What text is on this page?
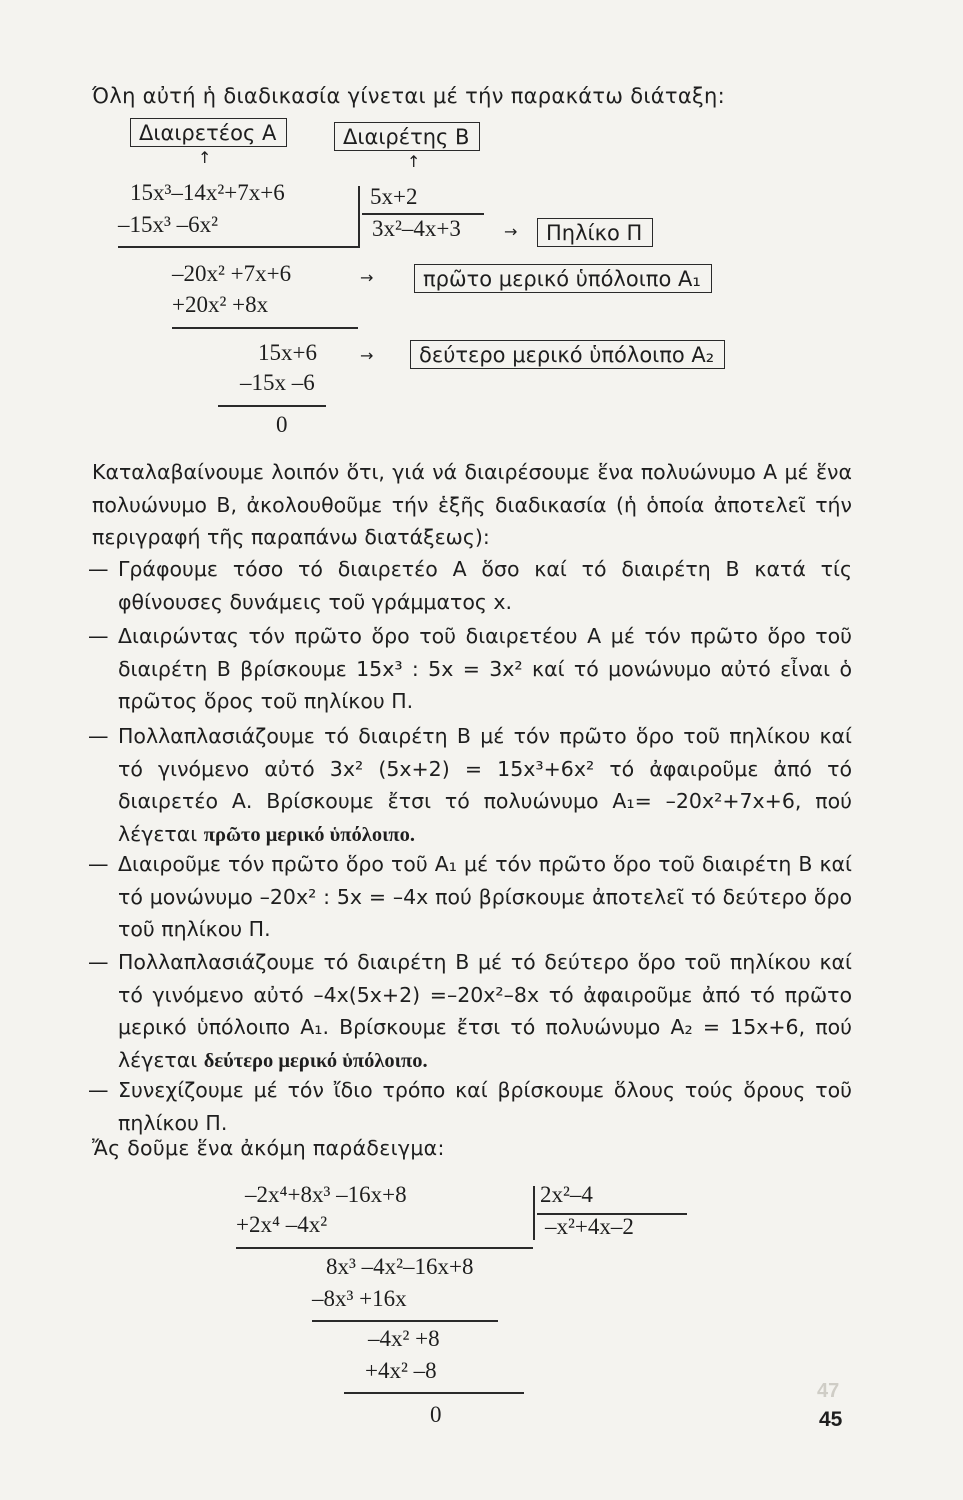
Όλη αὐτή ἡ διαδικασία γίνεται μέ τήν παρακάτω διάταξη:
Διαιρετέος Α	Διαιρέτης Β
↑	↑
15x³–14x²+7x+6	5x+2
–15x³ –6x²	3x²–4x+3	→	Πηλίκο Π
–20x² +7x+6	→	πρῶτο μερικό ὑπόλοιπο Α₁
+20x² +8x
15x+6	→	δεύτερο μερικό ὑπόλοιπο Α₂
–15x –6
0
Καταλαβαίνουμε λοιπόν ὅτι, γιά νά διαιρέσουμε ἕνα πολυώνυμο Α μέ ἕνα πολυώνυμο Β, ἀκολουθοῦμε τήν ἑξῆς διαδικασία (ἡ ὁποία ἀποτελεῖ τήν περιγραφή τῆς παραπάνω διατάξεως):
— Γράφουμε τόσο τό διαιρετέο Α ὅσο καί τό διαιρέτη Β κατά τίς φθίνουσες δυνάμεις τοῦ γράμματος x.
— Διαιρώντας τόν πρῶτο ὅρο τοῦ διαιρετέου Α μέ τόν πρῶτο ὅρο τοῦ διαιρέτη Β βρίσκουμε 15x³ : 5x = 3x² καί τό μονώνυμο αὐτό εἶναι ὁ πρῶτος ὅρος τοῦ πηλίκου Π.
— Πολλαπλασιάζουμε τό διαιρέτη Β μέ τόν πρῶτο ὅρο τοῦ πηλίκου καί τό γινόμενο αὐτό 3x² (5x+2) = 15x³+6x² τό ἀφαιροῦμε ἀπό τό διαιρετέο Α. Βρίσκουμε ἔτσι τό πολυώνυμο Α₁= –20x²+7x+6, πού λέγεται πρῶτο μερικό ὑπόλοιπο.
— Διαιροῦμε τόν πρῶτο ὅρο τοῦ Α₁ μέ τόν πρῶτο ὅρο τοῦ διαιρέτη Β καί τό μονώνυμο –20x² : 5x = –4x πού βρίσκουμε ἀποτελεῖ τό δεύτερο ὅρο τοῦ πηλίκου Π.
— Πολλαπλασιάζουμε τό διαιρέτη Β μέ τό δεύτερο ὅρο τοῦ πηλίκου καί τό γινόμενο αὐτό –4x(5x+2) =–20x²–8x τό ἀφαιροῦμε ἀπό τό πρῶτο μερικό ὑπόλοιπο Α₁. Βρίσκουμε ἔτσι τό πολυώνυμο Α₂ = 15x+6, πού λέγεται δεύτερο μερικό ὑπόλοιπο.
— Συνεχίζουμε μέ τόν ἴδιο τρόπο καί βρίσκουμε ὅλους τούς ὅρους τοῦ πηλίκου Π.
Ἄς δοῦμε ἕνα ἀκόμη παράδειγμα:
–2x⁴+8x³ –16x+8	2x²–4
+2x⁴ –4x²	–x²+4x–2
8x³ –4x²–16x+8
–8x³ +16x
–4x² +8
+4x² –8
0
47
45
